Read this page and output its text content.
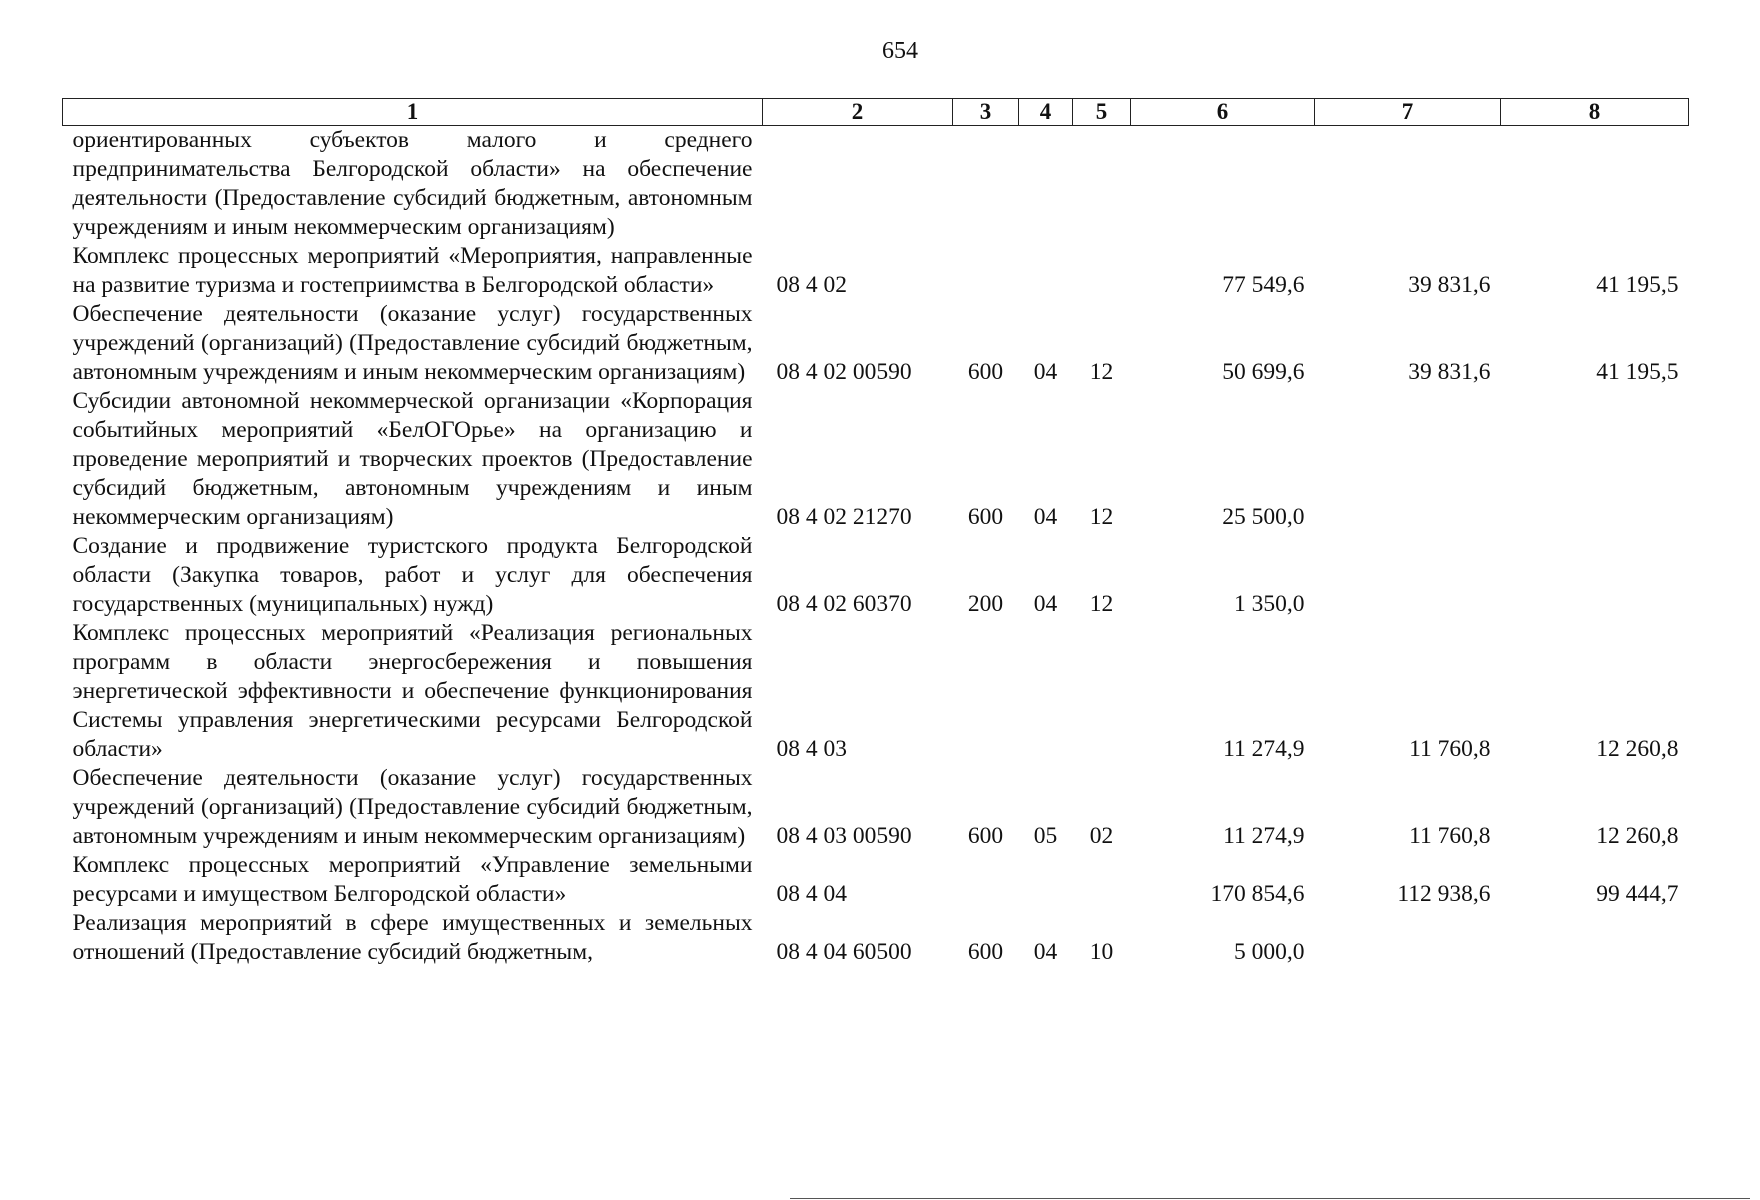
654
1	2	3	4	5	6	7	8
ориентированных субъектов малого и среднего предпринимательства Белгородской области» на обеспечение деятельности (Предоставление субсидий бюджетным, автономным учреждениям и иным некоммерческим организациям)							
Комплекс процессных мероприятий «Мероприятия, направленные на развитие туризма и гостеприимства в Белгородской области»	08 4 02				77 549,6	39 831,6	41 195,5
Обеспечение деятельности (оказание услуг) государственных учреждений (организаций) (Предоставление субсидий бюджетным, автономным учреждениям и иным некоммерческим организациям)	08 4 02 00590	600	04	12	50 699,6	39 831,6	41 195,5
Субсидии автономной некоммерческой организации «Корпорация событийных мероприятий «БелОГОрье» на организацию и проведение мероприятий и творческих проектов (Предоставление субсидий бюджетным, автономным учреждениям и иным некоммерческим организациям)	08 4 02 21270	600	04	12	25 500,0		
Создание и продвижение туристского продукта Белгородской области (Закупка товаров, работ и услуг для обеспечения государственных (муниципальных) нужд)	08 4 02 60370	200	04	12	1 350,0		
Комплекс процессных мероприятий «Реализация региональных программ в области энергосбережения и повышения энергетической эффективности и обеспечение функционирования Системы управления энергетическими ресурсами Белгородской области»	08 4 03				11 274,9	11 760,8	12 260,8
Обеспечение деятельности (оказание услуг) государственных учреждений (организаций) (Предоставление субсидий бюджетным, автономным учреждениям и иным некоммерческим организациям)	08 4 03 00590	600	05	02	11 274,9	11 760,8	12 260,8
Комплекс процессных мероприятий «Управление земельными ресурсами и имуществом Белгородской области»	08 4 04				170 854,6	112 938,6	99 444,7
Реализация мероприятий в сфере имущественных и земельных отношений (Предоставление субсидий бюджетным,	08 4 04 60500	600	04	10	5 000,0		
